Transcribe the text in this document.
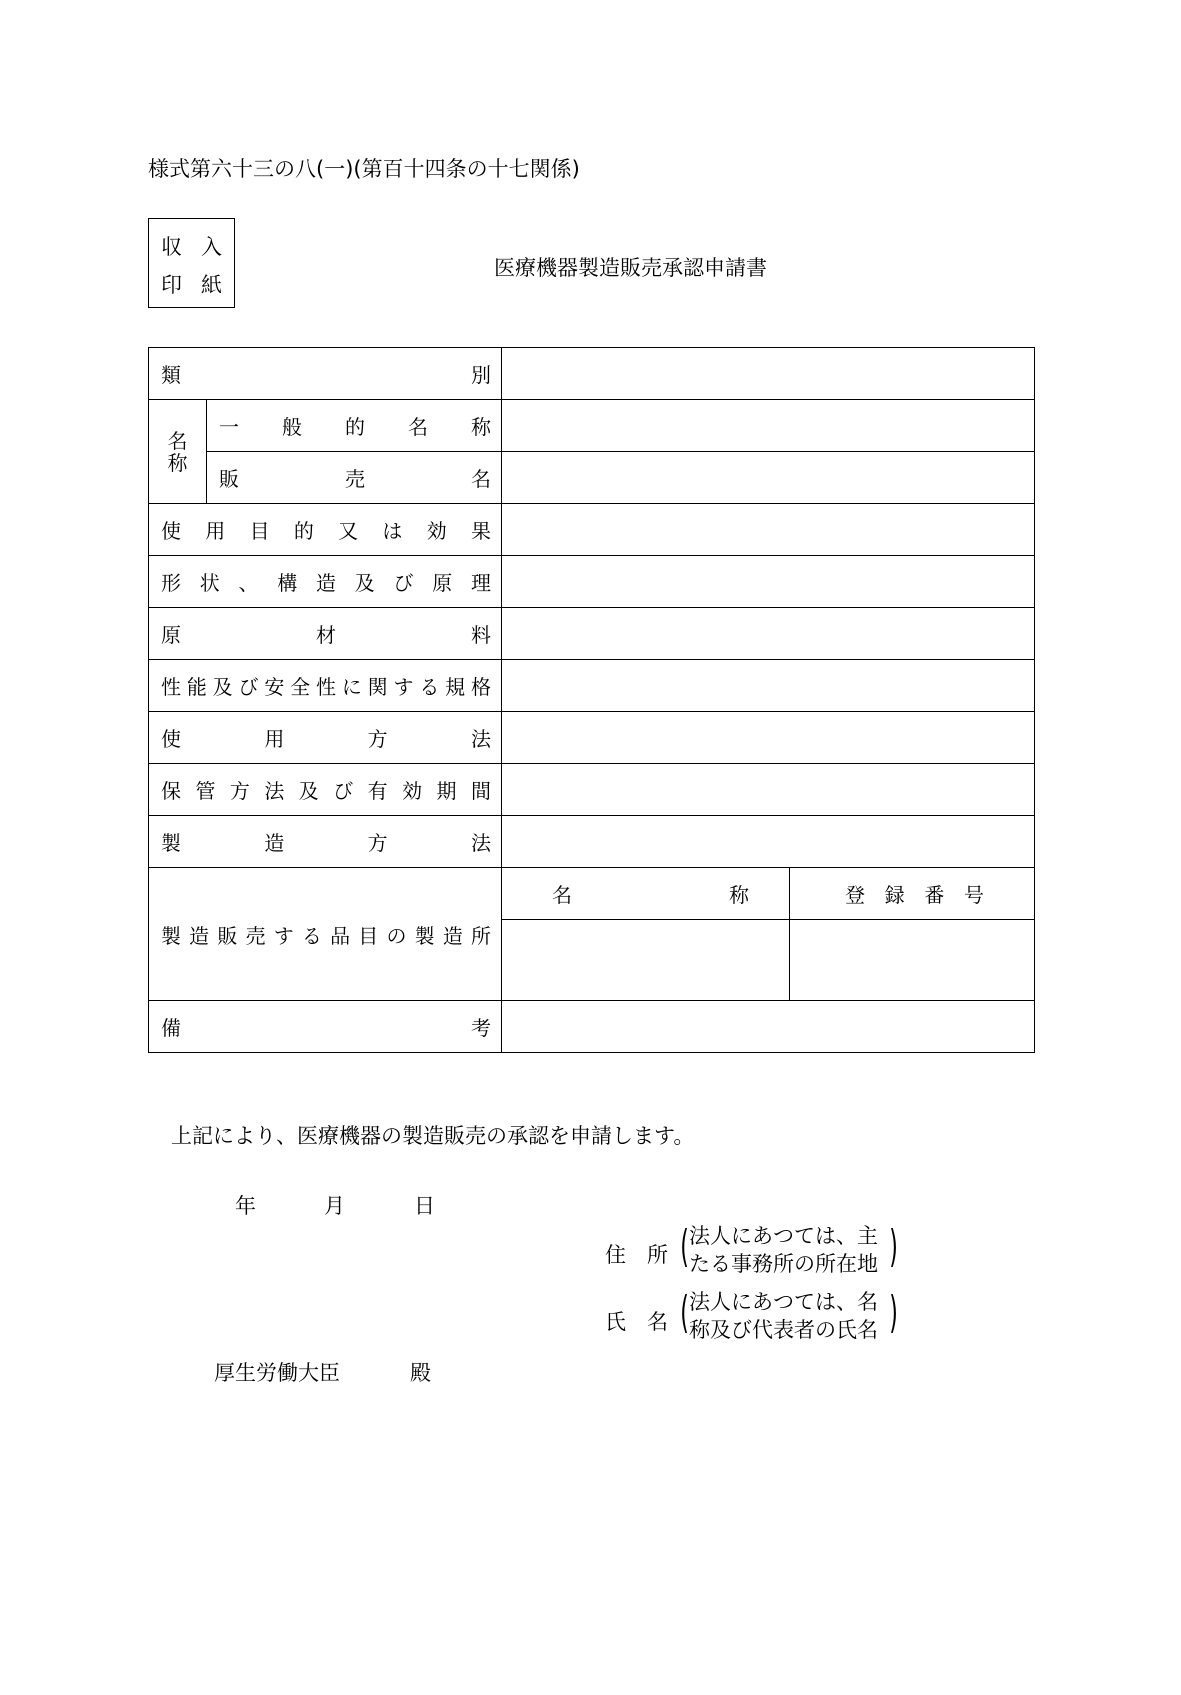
様式第六十三の八(一)(第百十四条の十七関係)
収 入
印 紙
医療機器製造販売承認申請書
類別			

名称	一般的名称		
	販売名		
使用目的又は効果			
形状、構造及び原理			
原材料			
性能及び安全性に関する規格			
使用方法			
保管方法及び有効期間			
製造方法			
製造販売する品目の製造所		名称	登録番号

備考			
上記により、医療機器の製造販売の承認を申請します。
年	月	日
住　所 ( 法人にあつては、主
たる事務所の所在地 )
氏　名 ( 法人にあつては、名
称及び代表者の氏名 )
厚生労働大臣	殿
